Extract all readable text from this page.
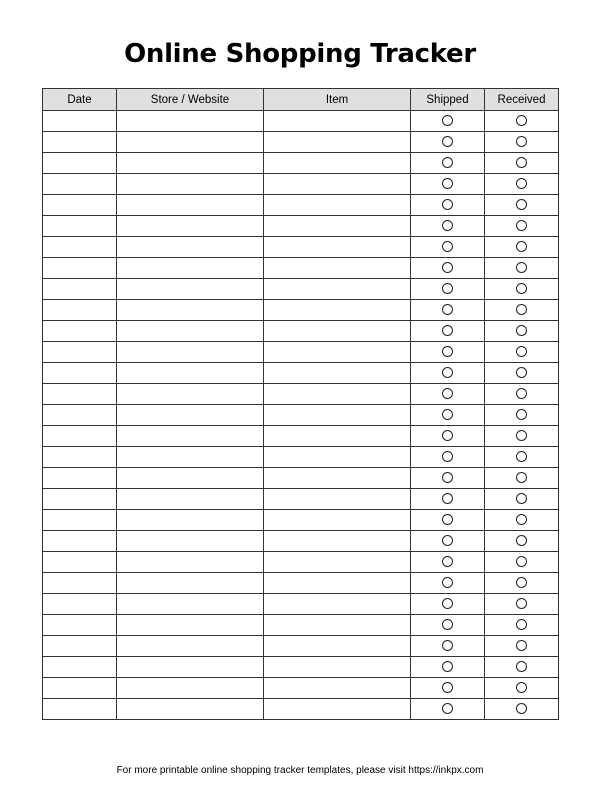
Online Shopping Tracker
Date	Store / Website	Item	Shipped	Received

For more printable online shopping tracker templates, please visit https://inkpx.com
